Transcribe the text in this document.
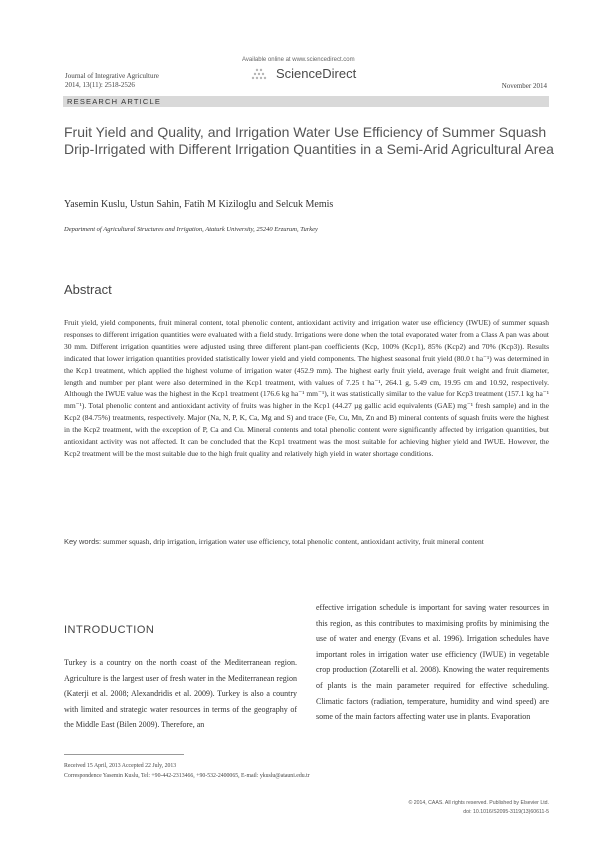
Available online at www.sciencedirect.com
ScienceDirect
Journal of Integrative Agriculture
2014, 13(11): 2518-2526	November 2014
RESEARCH ARTICLE
Fruit Yield and Quality, and Irrigation Water Use Efficiency of Summer Squash Drip-Irrigated with Different Irrigation Quantities in a Semi-Arid Agricultural Area
Yasemin Kuslu, Ustun Sahin, Fatih M Kiziloglu and Selcuk Memis
Department of Agricultural Structures and Irrigation, Ataturk University, 25240 Erzurum, Turkey
Abstract
Fruit yield, yield components, fruit mineral content, total phenolic content, antioxidant activity and irrigation water use efficiency (IWUE) of summer squash responses to different irrigation quantities were evaluated with a field study. Irrigations were done when the total evaporated water from a Class A pan was about 30 mm. Different irrigation quantities were adjusted using three different plant-pan coefficients (Kcp, 100% (Kcp1), 85% (Kcp2) and 70% (Kcp3)). Results indicated that lower irrigation quantities provided statistically lower yield and yield components. The highest seasonal fruit yield (80.0 t ha⁻¹) was determined in the Kcp1 treatment, which applied the highest volume of irrigation water (452.9 mm). The highest early fruit yield, average fruit weight and fruit diameter, length and number per plant were also determined in the Kcp1 treatment, with values of 7.25 t ha⁻¹, 264.1 g, 5.49 cm, 19.95 cm and 10.92, respectively. Although the IWUE value was the highest in the Kcp1 treatment (176.6 kg ha⁻¹ mm⁻¹), it was statistically similar to the value for Kcp3 treatment (157.1 kg ha⁻¹ mm⁻¹). Total phenolic content and antioxidant activity of fruits was higher in the Kcp1 (44.27 µg gallic acid equivalents (GAE) mg⁻¹ fresh sample) and in the Kcp2 (84.75%) treatments, respectively. Major (Na, N, P, K, Ca, Mg and S) and trace (Fe, Cu, Mn, Zn and B) mineral contents of squash fruits were the highest in the Kcp2 treatment, with the exception of P, Ca and Cu. Mineral contents and total phenolic content were significantly affected by irrigation quantities, but antioxidant activity was not affected. It can be concluded that the Kcp1 treatment was the most suitable for achieving higher yield and IWUE. However, the Kcp2 treatment will be the most suitable due to the high fruit quality and relatively high yield in water shortage conditions.
Key words: summer squash, drip irrigation, irrigation water use efficiency, total phenolic content, antioxidant activity, fruit mineral content
INTRODUCTION
Turkey is a country on the north coast of the Mediterranean region. Agriculture is the largest user of fresh water in the Mediterranean region (Katerji et al. 2008; Alexandridis et al. 2009). Turkey is also a country with limited and strategic water resources in terms of the geography of the Middle East (Bilen 2009). Therefore, an
effective irrigation schedule is important for saving water resources in this region, as this contributes to maximising profits by minimising the use of water and energy (Evans et al. 1996). Irrigation schedules have important roles in irrigation water use efficiency (IWUE) in vegetable crop production (Zotarelli et al. 2008). Knowing the water requirements of plants is the main parameter required for effective scheduling. Climatic factors (radiation, temperature, humidity and wind speed) are some of the main factors affecting water use in plants. Evaporation
Received 15 April, 2013 Accepted 22 July, 2013
Correspondence Yasemin Kuslu, Tel: +90-442-2313466, +90-532-2400065, E-mail: ykuslu@atauni.edu.tr
© 2014, CAAS. All rights reserved. Published by Elsevier Ltd.
doi: 10.1016/S2095-3119(13)60611-5
